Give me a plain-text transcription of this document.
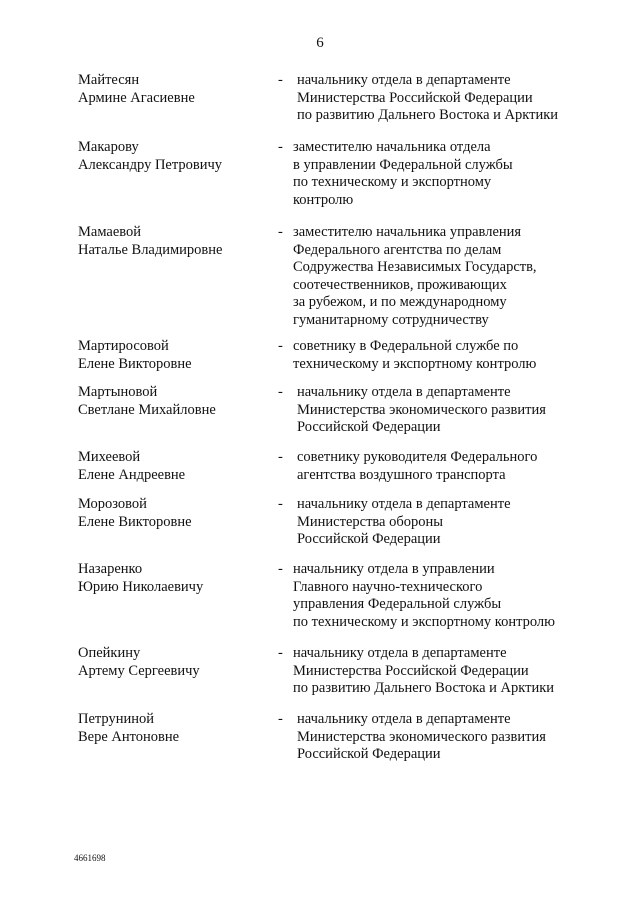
6
Майтесян
Армине Агасиевне
- начальнику отдела в департаменте
Министерства Российской Федерации
по развитию Дальнего Востока и Арктики
Макарову
Александру Петровичу
- заместителю начальника отдела
в управлении Федеральной службы
по техническому и экспортному
контролю
Мамаевой
Наталье Владимировне
- заместителю начальника управления
Федерального агентства по делам
Содружества Независимых Государств,
соотечественников, проживающих
за рубежом, и по международному
гуманитарному сотрудничеству
Мартиросовой
Елене Викторовне
- советнику в Федеральной службе по
техническому и экспортному контролю
Мартыновой
Светлане Михайловне
- начальнику отдела в департаменте
Министерства экономического развития
Российской Федерации
Михеевой
Елене Андреевне
- советнику руководителя Федерального
агентства воздушного транспорта
Морозовой
Елене Викторовне
- начальнику отдела в департаменте
Министерства обороны
Российской Федерации
Назаренко
Юрию Николаевичу
- начальнику отдела в управлении
Главного научно-технического
управления Федеральной службы
по техническому и экспортному контролю
Опейкину
Артему Сергеевичу
- начальнику отдела в департаменте
Министерства Российской Федерации
по развитию Дальнего Востока и Арктики
Петруниной
Вере Антоновне
- начальнику отдела в департаменте
Министерства экономического развития
Российской Федерации
4661698
